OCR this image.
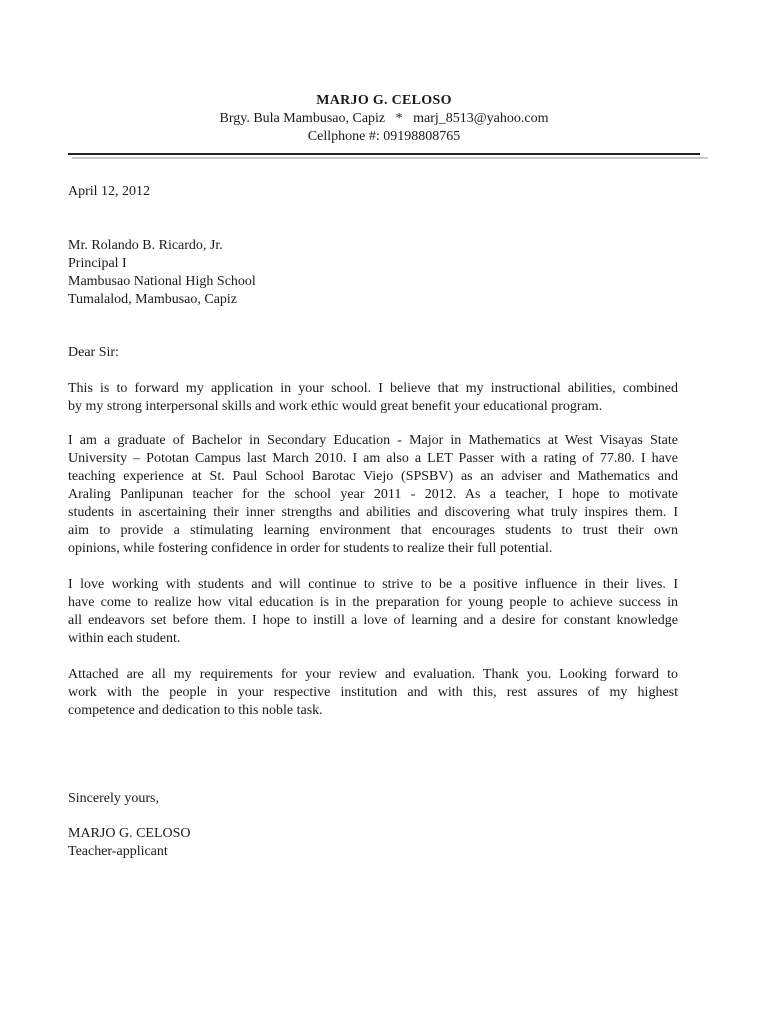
MARJO G. CELOSO
Brgy. Bula Mambusao, Capiz   *   marj_8513@yahoo.com
Cellphone #: 09198808765
April 12, 2012
Mr. Rolando B. Ricardo, Jr.
Principal I
Mambusao National High School
Tumalalod, Mambusao, Capiz
Dear Sir:
This is to forward my application in your school. I believe that my instructional abilities, combined
by my strong interpersonal skills and work ethic would great benefit your educational program.
I am a graduate of Bachelor in Secondary Education - Major in Mathematics at West Visayas State
University – Pototan Campus last March 2010. I am also a LET Passer with a rating of 77.80. I have
teaching experience at St. Paul School Barotac Viejo (SPSBV) as an adviser and Mathematics and
Araling Panlipunan teacher for the school year 2011 - 2012. As a teacher, I hope to motivate
students in ascertaining their inner strengths and abilities and discovering what truly inspires them. I
aim to provide a stimulating learning environment that encourages students to trust their own
opinions, while fostering confidence in order for students to realize their full potential.
I love working with students and will continue to strive to be a positive influence in their lives. I
have come to realize how vital education is in the preparation for young people to achieve success in
all endeavors set before them. I hope to instill a love of learning and a desire for constant knowledge
within each student.
Attached are all my requirements for your review and evaluation. Thank you. Looking forward to
work with the people in your respective institution and with this, rest assures of my highest
competence and dedication to this noble task.
Sincerely yours,
MARJO G. CELOSO
Teacher-applicant
